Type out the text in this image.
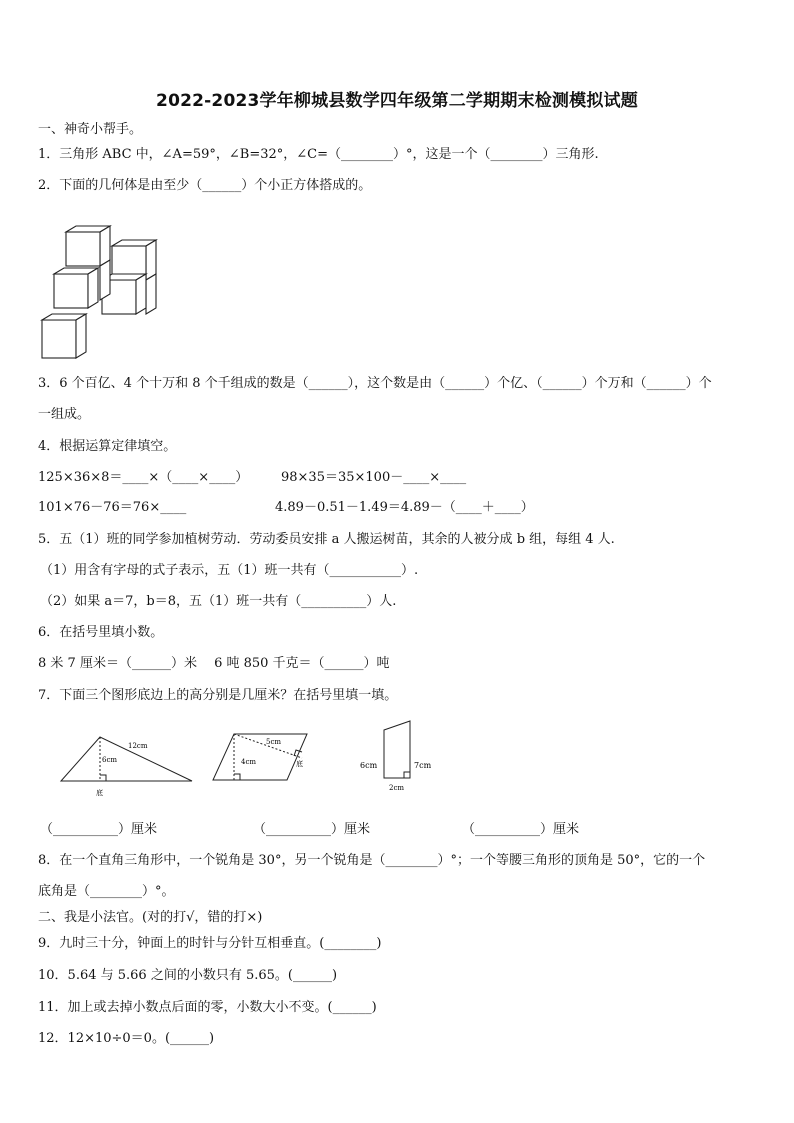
2022-2023学年柳城县数学四年级第二学期期末检测模拟试题
一、神奇小帮手。
1．三角形 ABC 中，∠A=59°，∠B=32°，∠C=（________）°，这是一个（________）三角形.
2．下面的几何体是由至少（______）个小正方体搭成的。
3．6 个百亿、4 个十万和 8 个千组成的数是（______），这个数是由（______）个亿、（______）个万和（______）个
一组成。
4．根据运算定律填空。
125×36×8＝____×（____×____）	98×35＝35×100－____×____
101×76－76＝76×____	4.89－0.51－1.49＝4.89－（____＋____）
5．五（1）班的同学参加植树劳动．劳动委员安排 a 人搬运树苗，其余的人被分成 b 组，每组 4 人.
（1）用含有字母的式子表示，五（1）班一共有（___________）.
（2）如果 a＝7，b＝8，五（1）班一共有（__________）人.
6．在括号里填小数。
8 米 7 厘米＝（______）米　 6 吨 850 千克＝（______）吨
7．下面三个图形底边上的高分别是几厘米？在括号里填一填。
12cm
6cm
底
5cm
4cm	底	6cm	7cm
2cm
（__________）厘米	（__________）厘米	（__________）厘米
8．在一个直角三角形中，一个锐角是 30°，另一个锐角是（________）°；一个等腰三角形的顶角是 50°，它的一个
底角是（________）°。
二、我是小法官。(对的打√，错的打×)
9．九时三十分，钟面上的时针与分针互相垂直。(________)
10．5.64 与 5.66 之间的小数只有 5.65。(______)
11．加上或去掉小数点后面的零，小数大小不变。(______)
12．12×10÷0＝0。(______)
